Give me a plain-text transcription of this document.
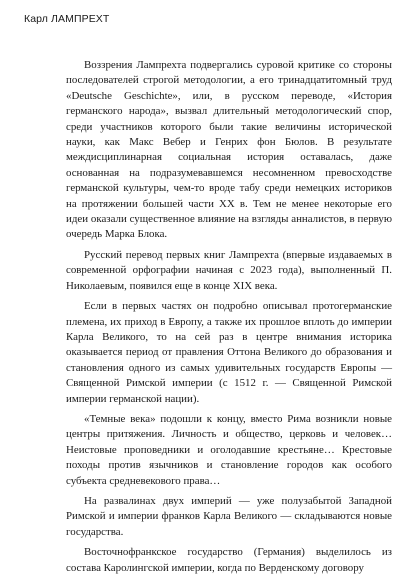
Карл ЛАМПРЕХТ

Воззрения Лампрехта подвергались суровой критике со стороны последователей строгой методологии, а его тринадцатитомный труд «Deutsche Geschichte», или, в русском переводе, «История германского народа», вызвал длительный методологический спор, среди участников которого были такие величины исторической науки, как Макс Вебер и Генрих фон Бюлов. В результате междисциплинарная социальная история оставалась, даже основанная на подразумевавшемся несомненном превосходстве германской культуры, чем-то вроде табу среди немецких историков на протяжении большей части XX в. Тем не менее некоторые его идеи оказали существенное влияние на взгляды анналистов, в первую очередь Марка Блока.

Русский перевод первых книг Лампрехта (впервые издаваемых в современной орфографии начиная с 2023 года), выполненный П. Николаевым, появился еще в конце XIX века.

Если в первых частях он подробно описывал протогерманские племена, их приход в Европу, а также их прошлое вплоть до империи Карла Великого, то на сей раз в центре внимания историка оказывается период от правления Оттона Великого до образования и становления одного из самых удивительных государств Европы — Священной Римской империи (с 1512 г. — Священной Римской империи германской нации).

«Темные века» подошли к концу, вместо Рима возникли новые центры притяжения. Личность и общество, церковь и человек… Неистовые проповедники и оголодавшие крестьяне… Крестовые походы против язычников и становление городов как особого субъекта средневекового права…

На развалинах двух империй — уже полузабытой Западной Римской и империи франков Карла Великого — складываются новые государства.

Восточнофранкское государство (Германия) выделилось из состава Каролингской империи, когда по Верденскому договору
